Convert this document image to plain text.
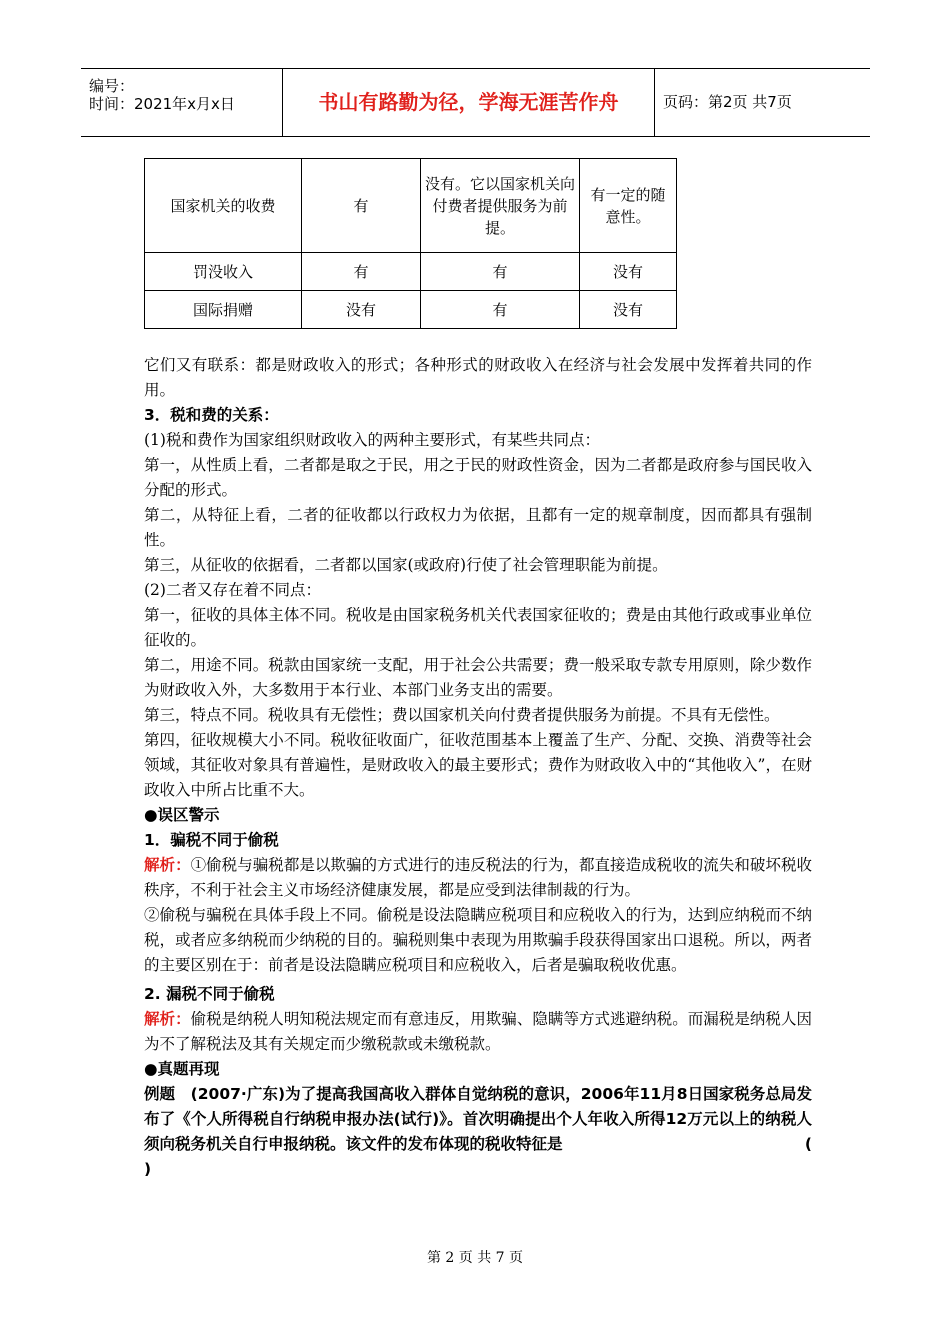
编号：
时间：2021年x月x日	书山有路勤为径，学海无涯苦作舟	页码：第2页 共7页
国家机关的收费	有	没有。它以国家机关向付费者提供服务为前提。	有一定的随意性。
罚没收入	有	有	没有
国际捐赠	没有	有	没有

它们又有联系：都是财政收入的形式；各种形式的财政收入在经济与社会发展中发挥着共同的作用。

3．税和费的关系：

(1)税和费作为国家组织财政收入的两种主要形式，有某些共同点：

第一，从性质上看，二者都是取之于民，用之于民的财政性资金，因为二者都是政府参与国民收入分配的形式。

第二，从特征上看，二者的征收都以行政权力为依据，且都有一定的规章制度，因而都具有强制性。

第三，从征收的依据看，二者都以国家(或政府)行使了社会管理职能为前提。

(2)二者又存在着不同点：

第一，征收的具体主体不同。税收是由国家税务机关代表国家征收的；费是由其他行政或事业单位征收的。

第二，用途不同。税款由国家统一支配，用于社会公共需要；费一般采取专款专用原则，除少数作为财政收入外，大多数用于本行业、本部门业务支出的需要。

第三，特点不同。税收具有无偿性；费以国家机关向付费者提供服务为前提。不具有无偿性。

第四，征收规模大小不同。税收征收面广，征收范围基本上覆盖了生产、分配、交换、消费等社会领域，其征收对象具有普遍性，是财政收入的最主要形式；费作为财政收入中的“其他收入”，在财政收入中所占比重不大。

●误区警示

1．骗税不同于偷税

解析：①偷税与骗税都是以欺骗的方式进行的违反税法的行为，都直接造成税收的流失和破坏税收秩序，不利于社会主义市场经济健康发展，都是应受到法律制裁的行为。

②偷税与骗税在具体手段上不同。偷税是设法隐瞒应税项目和应税收入的行为，达到应纳税而不纳税，或者应多纳税而少纳税的目的。骗税则集中表现为用欺骗手段获得国家出口退税。所以，两者的主要区别在于：前者是设法隐瞒应税项目和应税收入，后者是骗取税收优惠。

2. 漏税不同于偷税

解析：偷税是纳税人明知税法规定而有意违反，用欺骗、隐瞒等方式逃避纳税。而漏税是纳税人因为不了解税法及其有关规定而少缴税款或未缴税款。

●真题再现

例题　(2007·广东)为了提高我国高收入群体自觉纳税的意识，2006年11月8日国家税务总局发布了《个人所得税自行纳税申报办法(试行)》。首次明确提出个人年收入所得12万元以上的纳税人须向税务机关自行申报纳税。该文件的发布体现的税收特征是	(

)

第 2 页 共 7 页
